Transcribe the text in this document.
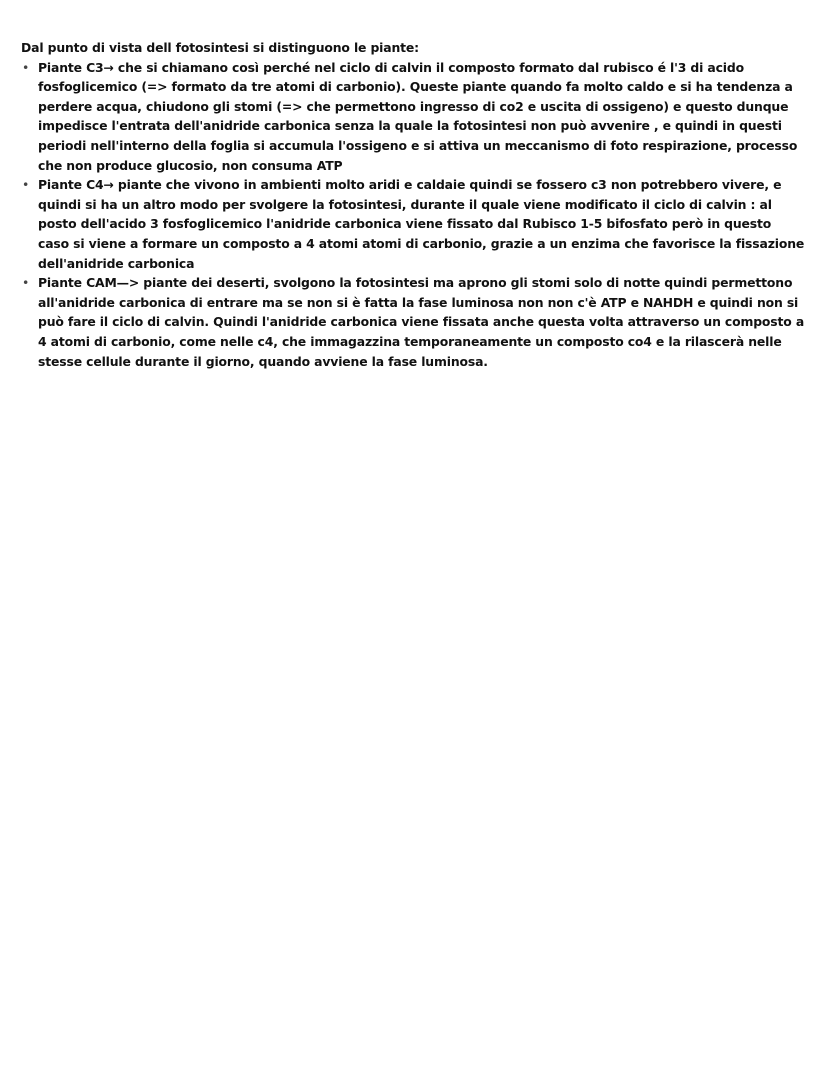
Dal punto di vista dell fotosintesi si distinguono le piante:

• Piante C3→ che si chiamano così perché nel ciclo di calvin il composto formato dal rubisco é l'3 di acido fosfoglicemico (=> formato da tre atomi di carbonio). Queste piante quando fa molto caldo e si ha tendenza a perdere acqua, chiudono gli stomi (=> che permettono ingresso di co2 e uscita di ossigeno) e questo dunque impedisce l'entrata dell'anidride carbonica senza la quale la fotosintesi non può avvenire , e quindi in questi periodi nell'interno della foglia si accumula l'ossigeno e si attiva un meccanismo di foto respirazione, processo che non produce glucosio, non consuma ATP
• Piante C4→ piante che vivono in ambienti molto aridi e caldaie quindi se fossero c3 non potrebbero vivere, e quindi si ha un altro modo per svolgere la fotosintesi, durante il quale viene modificato il ciclo di calvin : al posto dell'acido 3 fosfoglicemico l'anidride carbonica viene fissato dal Rubisco 1-5 bifosfato però in questo caso si viene a formare un composto a 4 atomi atomi di carbonio, grazie a un enzima che favorisce la fissazione dell'anidride carbonica
• Piante CAM—> piante dei deserti, svolgono la fotosintesi ma aprono gli stomi solo di notte quindi permettono all'anidride carbonica di entrare ma se non si è fatta la fase luminosa non non c'è ATP e NAHDH e quindi non si può fare il ciclo di calvin. Quindi l'anidride carbonica viene fissata anche questa volta attraverso un composto a 4 atomi di carbonio, come nelle c4, che immagazzina temporaneamente un composto co4 e la rilascerà nelle stesse cellule durante il giorno, quando avviene la fase luminosa.
